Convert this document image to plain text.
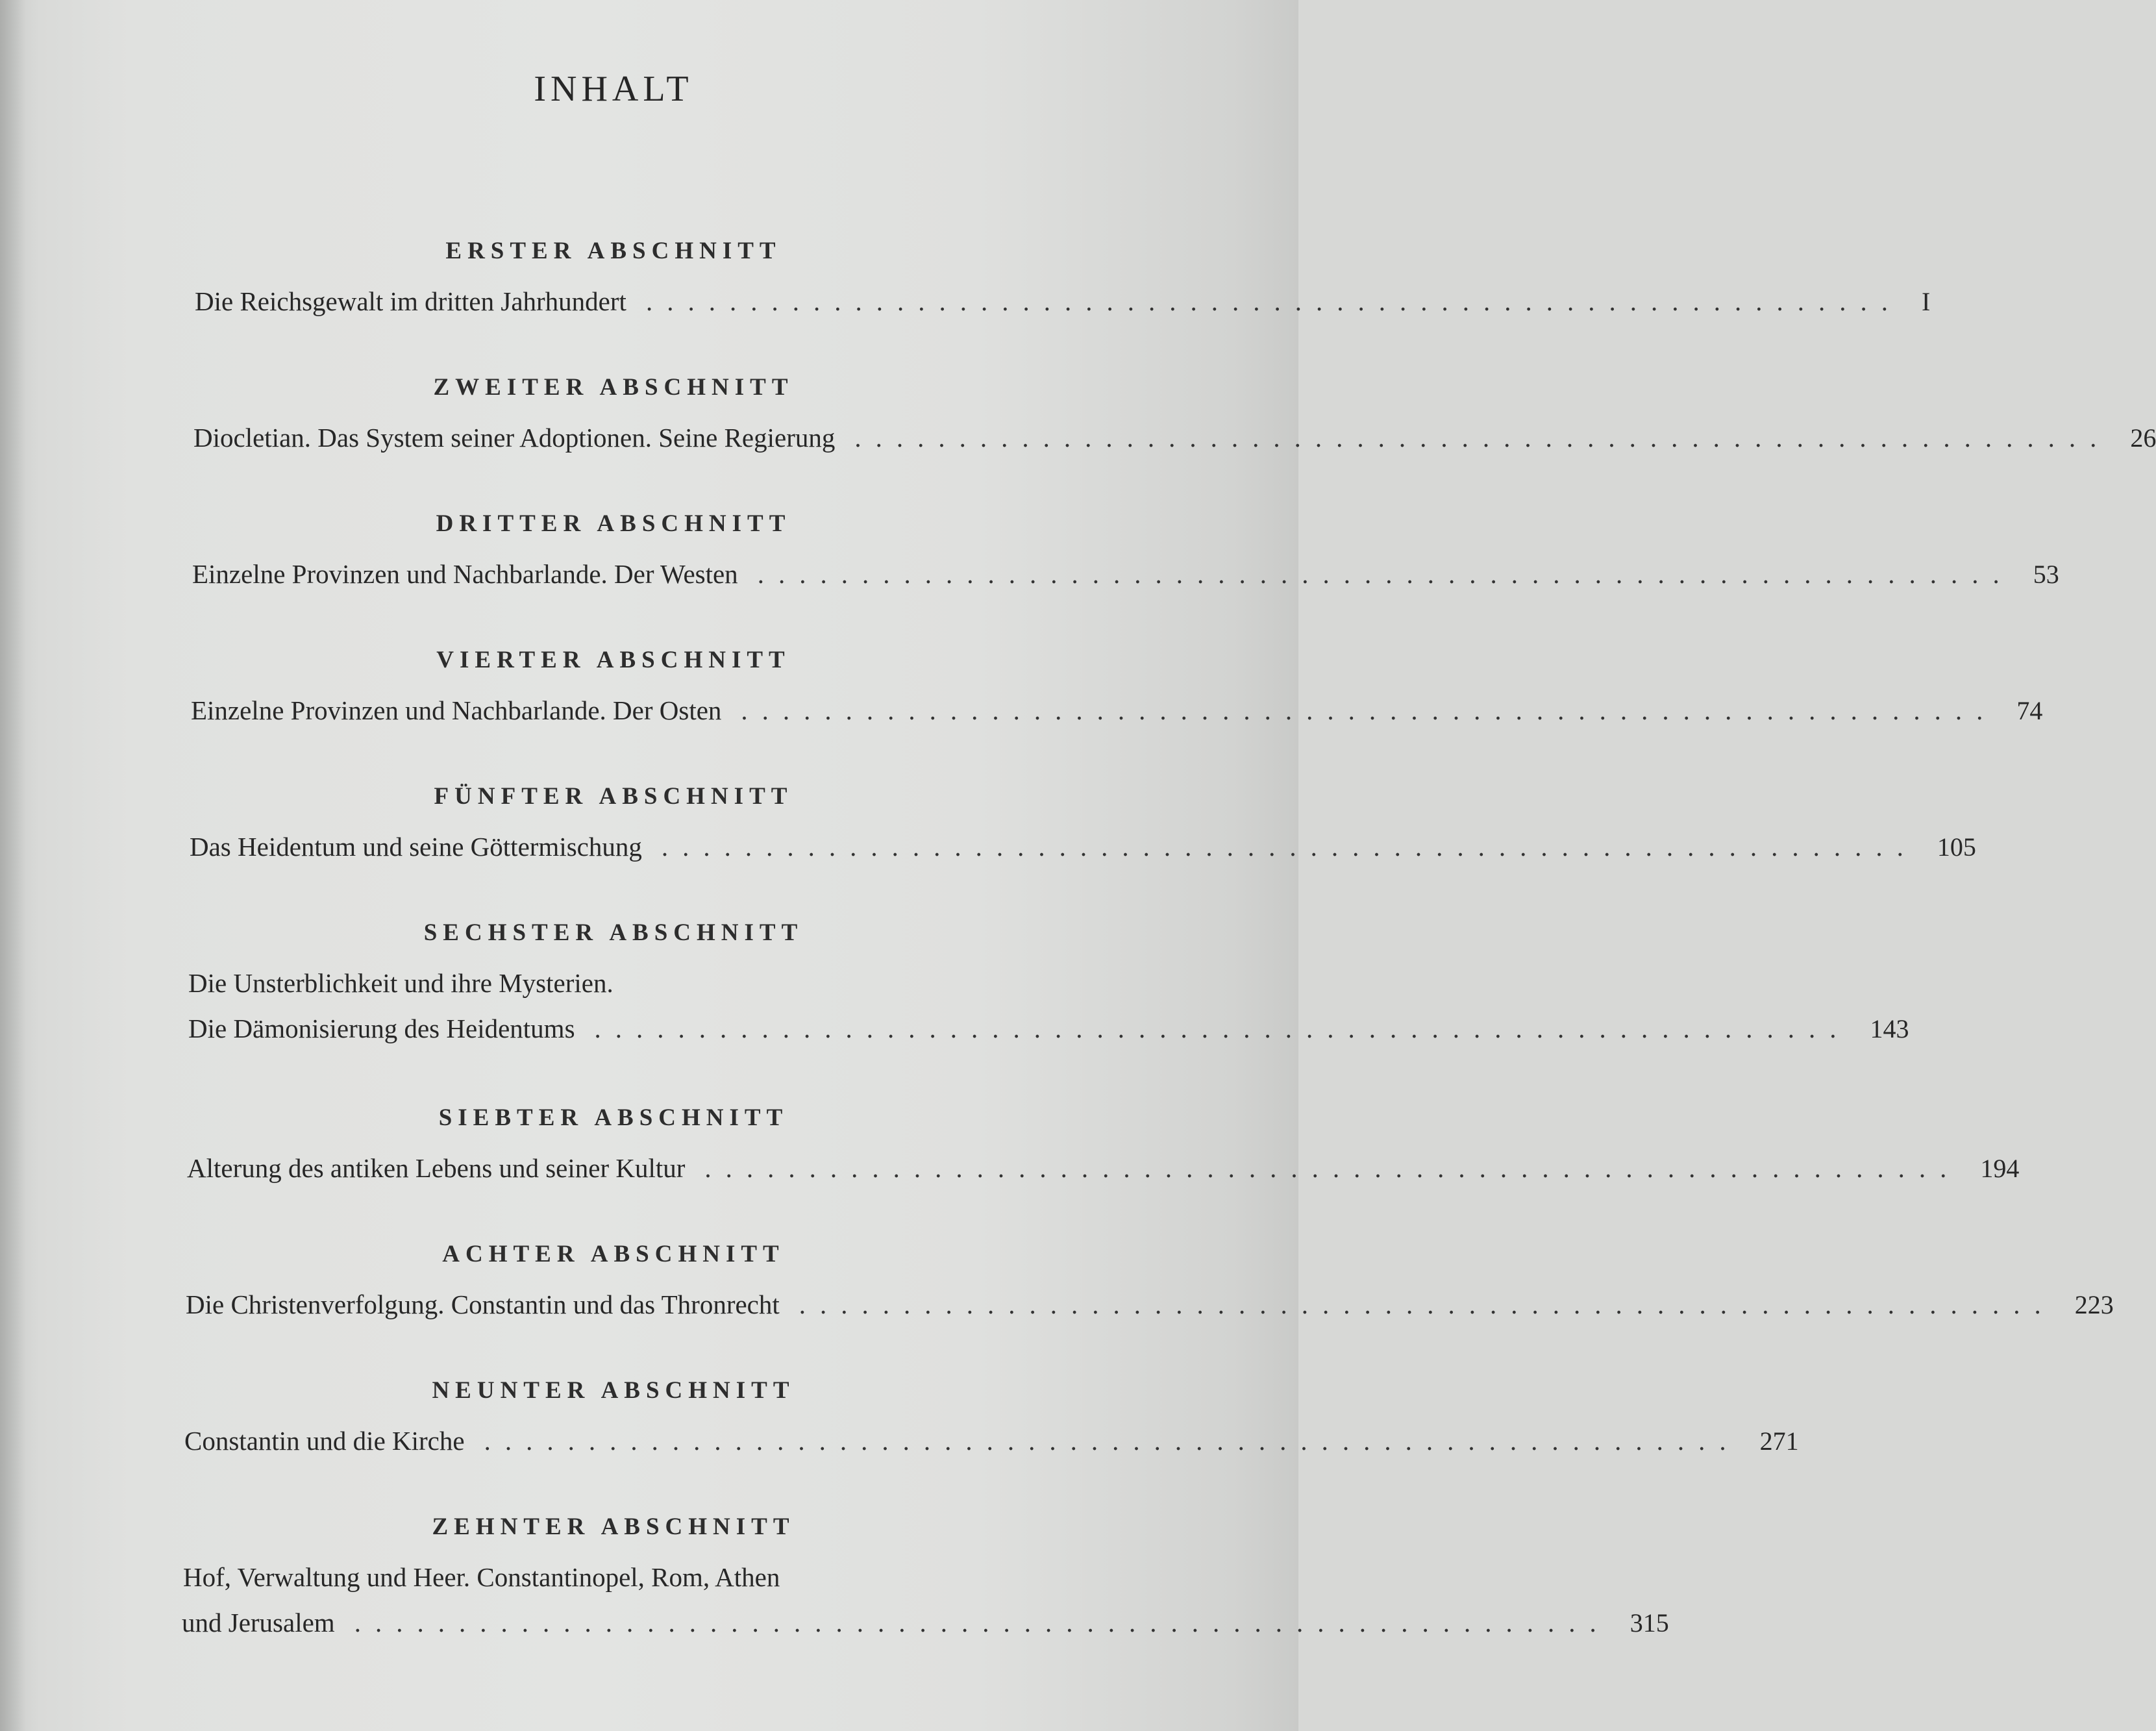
INHALT
ERSTER ABSCHNITT
Die Reichsgewalt im dritten Jahrhundert ............................................................ I
ZWEITER ABSCHNITT
Diocletian. Das System seiner Adoptionen. Seine Regierung ............................................................ 26
DRITTER ABSCHNITT
Einzelne Provinzen und Nachbarlande. Der Westen ............................................................ 53
VIERTER ABSCHNITT
Einzelne Provinzen und Nachbarlande. Der Osten ............................................................ 74
FÜNFTER ABSCHNITT
Das Heidentum und seine Göttermischung ............................................................ 105
SECHSTER ABSCHNITT
Die Unsterblichkeit und ihre Mysterien.
Die Dämonisierung des Heidentums ............................................................ 143
SIEBTER ABSCHNITT
Alterung des antiken Lebens und seiner Kultur ............................................................ 194
ACHTER ABSCHNITT
Die Christenverfolgung. Constantin und das Thronrecht ............................................................ 223
NEUNTER ABSCHNITT
Constantin und die Kirche ............................................................ 271
ZEHNTER ABSCHNITT
Hof, Verwaltung und Heer. Constantinopel, Rom, Athen
und Jerusalem ............................................................ 315
